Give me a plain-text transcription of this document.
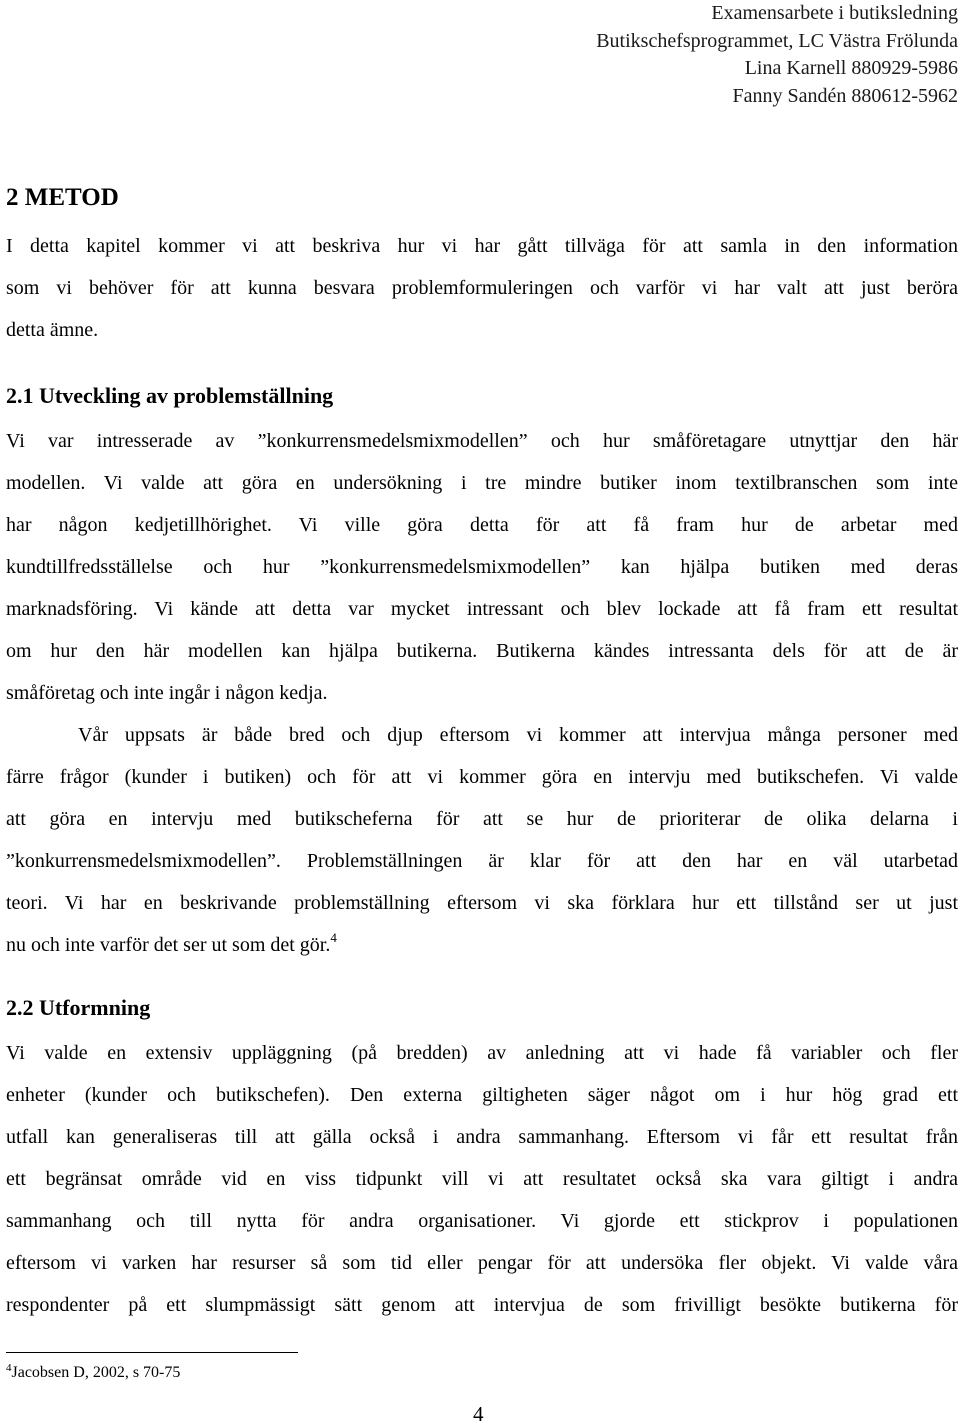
Examensarbete i butiksledning
Butikschefsprogrammet, LC Västra Frölunda
Lina Karnell 880929-5986
Fanny Sandén 880612-5962
2 METOD
I detta kapitel kommer vi att beskriva hur vi har gått tillväga för att samla in den information
som vi behöver för att kunna besvara problemformuleringen och varför vi har valt att just beröra
detta ämne.
2.1 Utveckling av problemställning
Vi var intresserade av ”konkurrensmedelsmixmodellen” och hur småföretagare utnyttjar den här
modellen. Vi valde att göra en undersökning i tre mindre butiker inom textilbranschen som inte
har någon kedjetillhörighet. Vi ville göra detta för att få fram hur de arbetar med
kundtillfredsställelse och hur ”konkurrensmedelsmixmodellen” kan hjälpa butiken med deras
marknadsföring. Vi kände att detta var mycket intressant och blev lockade att få fram ett resultat
om hur den här modellen kan hjälpa butikerna. Butikerna kändes intressanta dels för att de är
småföretag och inte ingår i någon kedja.
Vår uppsats är både bred och djup eftersom vi kommer att intervjua många personer med
färre frågor (kunder i butiken) och för att vi kommer göra en intervju med butikschefen. Vi valde
att göra en intervju med butikscheferna för att se hur de prioriterar de olika delarna i
”konkurrensmedelsmixmodellen”. Problemställningen är klar för att den har en väl utarbetad
teori. Vi har en beskrivande problemställning eftersom vi ska förklara hur ett tillstånd ser ut just
nu och inte varför det ser ut som det gör.$^4$
2.2 Utformning
Vi valde en extensiv uppläggning (på bredden) av anledning att vi hade få variabler och fler
enheter (kunder och butikschefen). Den externa giltigheten säger något om i hur hög grad ett
utfall kan generaliseras till att gälla också i andra sammanhang. Eftersom vi får ett resultat från
ett begränsat område vid en viss tidpunkt vill vi att resultatet också ska vara giltigt i andra
sammanhang och till nytta för andra organisationer. Vi gjorde ett stickprov i populationen
eftersom vi varken har resurser så som tid eller pengar för att undersöka fler objekt. Vi valde våra
respondenter på ett slumpmässigt sätt genom att intervjua de som frivilligt besökte butikerna för
$^4$Jacobsen D, 2002, s 70-75
4
